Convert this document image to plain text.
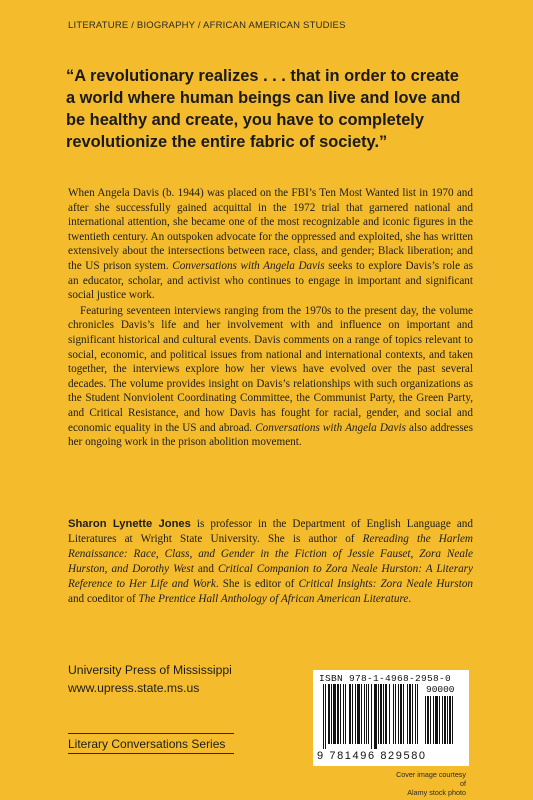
LITERATURE / BIOGRAPHY / AFRICAN AMERICAN STUDIES
“A revolutionary realizes . . . that in order to create
a world where human beings can live and love and
be healthy and create, you have to completely
revolutionize the entire fabric of society.”

When Angela Davis (b. 1944) was placed on the FBI’s Ten Most Wanted list in 1970 and after she successfully gained acquittal in the 1972 trial that garnered national and international attention, she became one of the most recognizable and iconic figures in the twentieth century. An outspoken advocate for the oppressed and exploited, she has written extensively about the intersections between race, class, and gender; Black liberation; and the US prison system. Conversations with Angela Davis seeks to explore Davis’s role as an educator, scholar, and activist who continues to engage in important and significant social justice work.

Featuring seventeen interviews ranging from the 1970s to the present day, the volume chronicles Davis’s life and her involvement with and influence on important and significant historical and cultural events. Davis comments on a range of topics relevant to social, economic, and political issues from national and international contexts, and taken together, the interviews explore how her views have evolved over the past several decades. The volume provides insight on Davis’s relationships with such organizations as the Student Nonviolent Coordinating Committee, the Communist Party, the Green Party, and Critical Resistance, and how Davis has fought for racial, gender, and social and economic equality in the US and abroad. Conversations with Angela Davis also addresses her ongoing work in the prison abolition movement.

Sharon Lynette Jones is professor in the Department of English Language and Literatures at Wright State University. She is author of Rereading the Harlem Renaissance: Race, Class, and Gender in the Fiction of Jessie Fauset, Zora Neale Hurston, and Dorothy West and Critical Companion to Zora Neale Hurston: A Literary Reference to Her Life and Work. She is editor of Critical Insights: Zora Neale Hurston and coeditor of The Prentice Hall Anthology of African American Literature.
University Press of Mississippi
www.upress.state.ms.us
Literary Conversations Series
ISBN 978-1-4968-2958-0
90000
9 781496 829580
Cover image courtesy of
Alamy stock photo
